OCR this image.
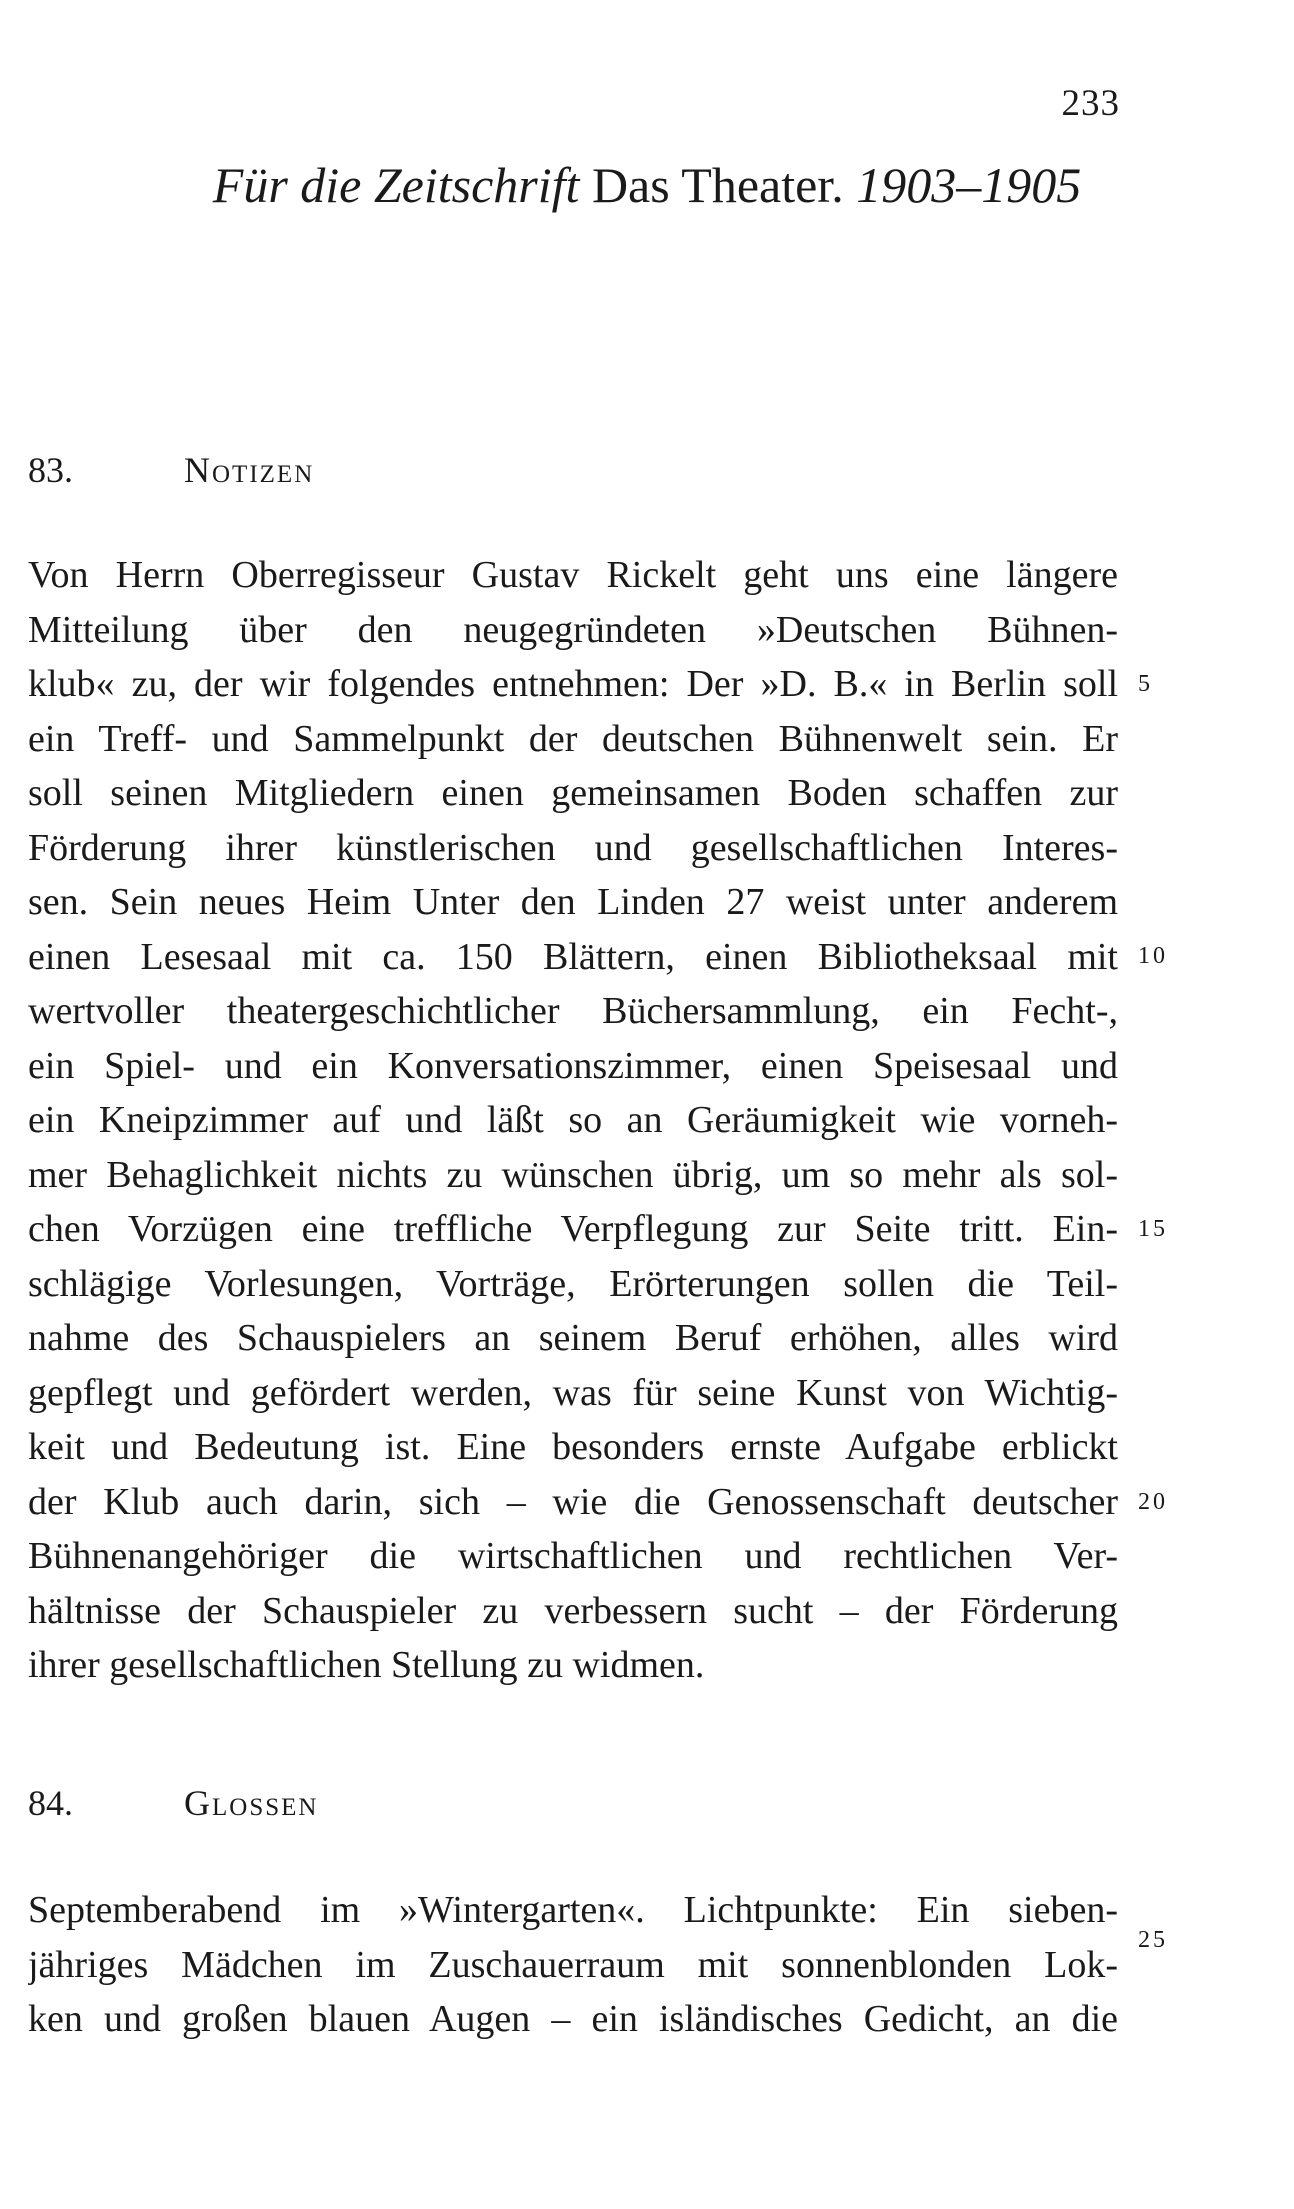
233
Für die Zeitschrift Das Theater. 1903–1905
83.	Notizen
Von Herrn Oberregisseur Gustav Rickelt geht uns eine längere
Mitteilung über den neugegründeten »Deutschen Bühnen-
klub« zu, der wir folgendes entnehmen: Der »D. B.« in Berlin soll
ein Treff- und Sammelpunkt der deutschen Bühnenwelt sein. Er
soll seinen Mitgliedern einen gemeinsamen Boden schaffen zur
Förderung ihrer künstlerischen und gesellschaftlichen Interes-
sen. Sein neues Heim Unter den Linden 27 weist unter anderem
einen Lesesaal mit ca. 150 Blättern, einen Bibliotheksaal mit
wertvoller theatergeschichtlicher Büchersammlung, ein Fecht-,
ein Spiel- und ein Konversationszimmer, einen Speisesaal und
ein Kneipzimmer auf und läßt so an Geräumigkeit wie vorneh-
mer Behaglichkeit nichts zu wünschen übrig, um so mehr als sol-
chen Vorzügen eine treffliche Verpflegung zur Seite tritt. Ein-
schlägige Vorlesungen, Vorträge, Erörterungen sollen die Teil-
nahme des Schauspielers an seinem Beruf erhöhen, alles wird
gepflegt und gefördert werden, was für seine Kunst von Wichtig-
keit und Bedeutung ist. Eine besonders ernste Aufgabe erblickt
der Klub auch darin, sich – wie die Genossenschaft deutscher
Bühnenangehöriger die wirtschaftlichen und rechtlichen Ver-
hältnisse der Schauspieler zu verbessern sucht – der Förderung
ihrer gesellschaftlichen Stellung zu widmen.
84.	Glossen
Septemberabend im »Wintergarten«. Lichtpunkte: Ein sieben-
jähriges Mädchen im Zuschauerraum mit sonnenblonden Lok-
ken und großen blauen Augen – ein isländisches Gedicht, an die
5
10
15
20
25
